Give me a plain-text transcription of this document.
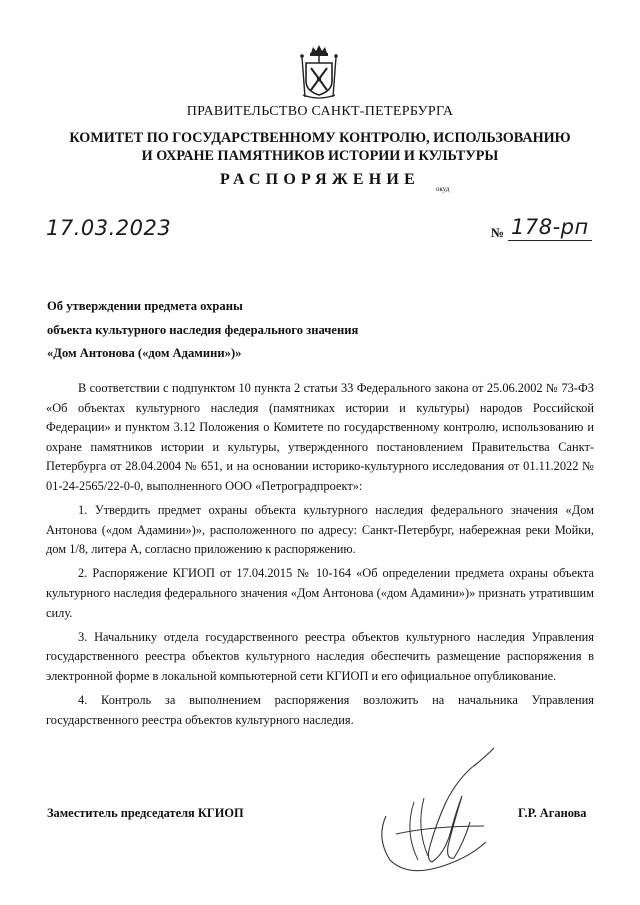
ПРАВИТЕЛЬСТВО САНКТ-ПЕТЕРБУРГА
КОМИТЕТ ПО ГОСУДАРСТВЕННОМУ КОНТРОЛЮ, ИСПОЛЬЗОВАНИЮ
И ОХРАНЕ ПАМЯТНИКОВ ИСТОРИИ И КУЛЬТУРЫ
РАСПОРЯЖЕНИЕ
окуд
17.03.2023	№ 178-рп
Об утверждении предмета охраны
объекта культурного наследия федерального значения
«Дом Антонова («дом Адамини»)»

В соответствии с подпунктом 10 пункта 2 статьи 33 Федерального закона от 25.06.2002 № 73-ФЗ «Об объектах культурного наследия (памятниках истории и культуры) народов Российской Федерации» и пунктом 3.12 Положения о Комитете по государственному контролю, использованию и охране памятников истории и культуры, утвержденного постановлением Правительства Санкт-Петербурга от 28.04.2004 № 651, и на основании историко-культурного исследования от 01.11.2022 № 01-24-2565/22-0-0, выполненного ООО «Петроградпроект»:

1. Утвердить предмет охраны объекта культурного наследия федерального значения «Дом Антонова («дом Адамини»)», расположенного по адресу: Санкт-Петербург, набережная реки Мойки, дом 1/8, литера А, согласно приложению к распоряжению.

2. Распоряжение КГИОП от 17.04.2015 № 10-164 «Об определении предмета охраны объекта культурного наследия федерального значения «Дом Антонова («дом Адамини»)» признать утратившим силу.

3. Начальнику отдела государственного реестра объектов культурного наследия Управления государственного реестра объектов культурного наследия обеспечить размещение распоряжения в электронной форме в локальной компьютерной сети КГИОП и его официальное опубликование.

4. Контроль за выполнением распоряжения возложить на начальника Управления государственного реестра объектов культурного наследия.

Заместитель председателя КГИОП	Г.Р. Аганова
